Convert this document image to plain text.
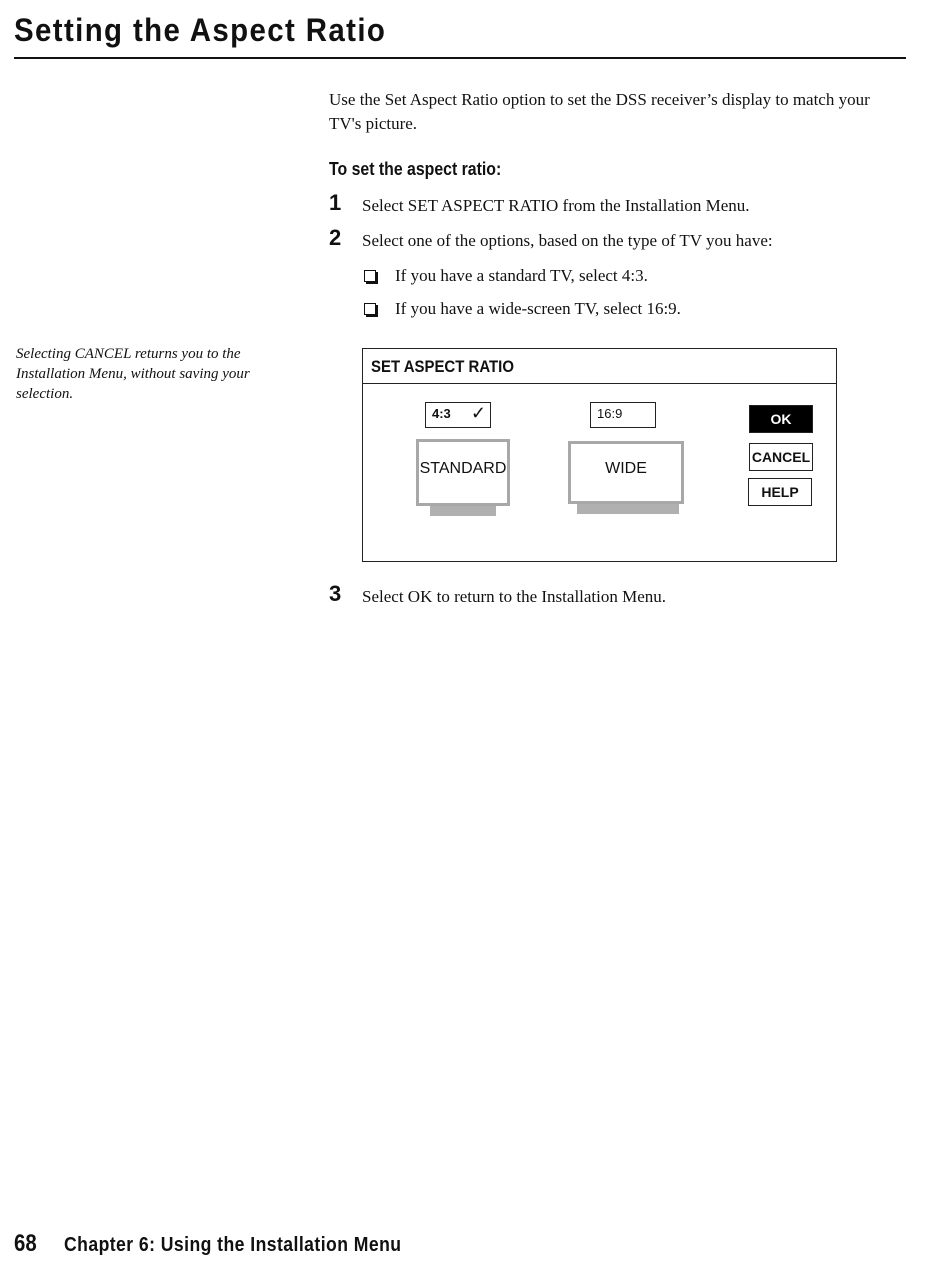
Setting the Aspect Ratio

Use the Set Aspect Ratio option to set the DSS receiver’s display to match your TV's picture.

To set the aspect ratio:
1 Select SET ASPECT RATIO from the Installation Menu.
2 Select one of the options, based on the type of TV you have:
If you have a standard TV, select 4:3.
If you have a wide-screen TV, select 16:9.

Selecting CANCEL returns you to the Installation Menu, without saving your selection.

SET ASPECT RATIO
4:3 ✓
STANDARD
16:9
WIDE
OK
CANCEL
HELP
3 Select OK to return to the Installation Menu.
68 Chapter 6: Using the Installation Menu
